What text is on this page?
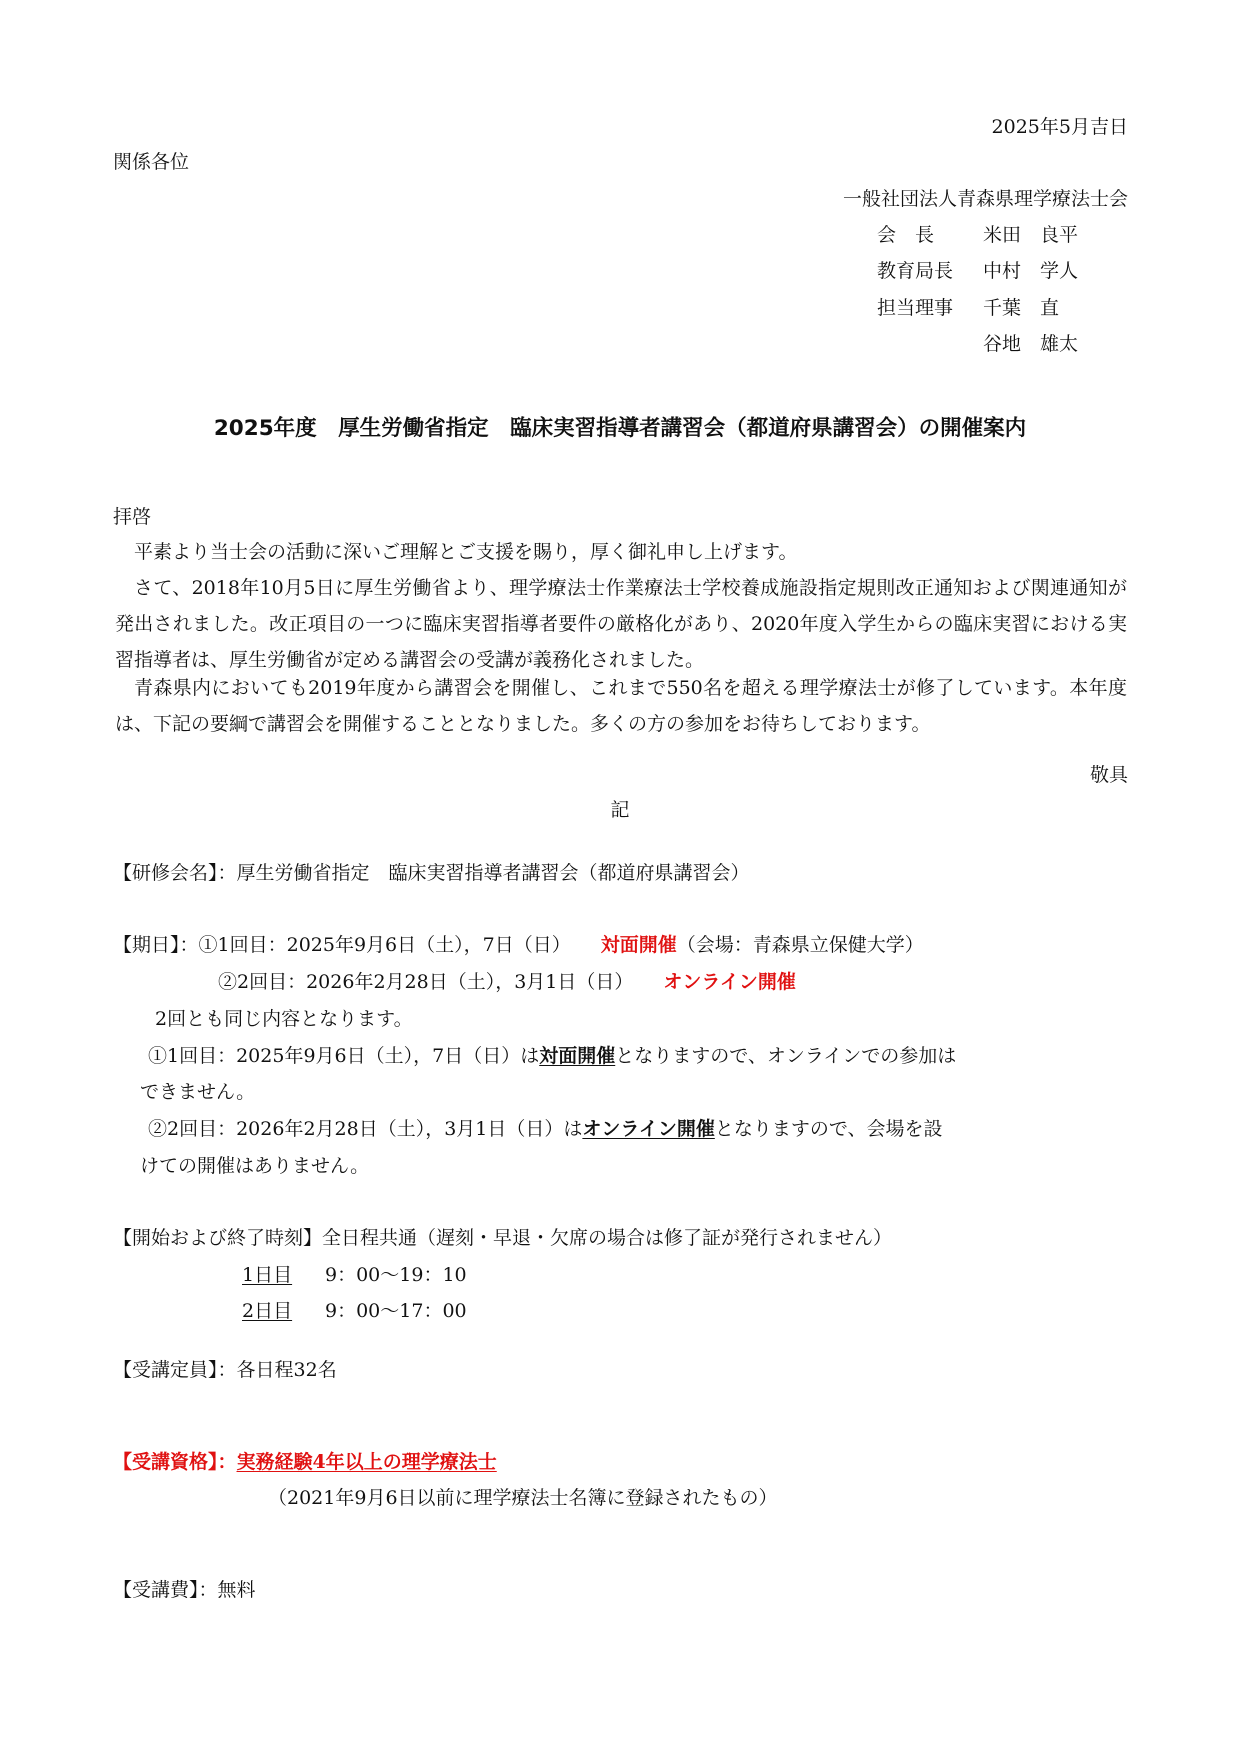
2025年5月吉日
関係各位
一般社団法人青森県理学療法士会
会　長	米田　良平
教育局長 中村　学人
担当理事 千葉　直
谷地　雄太
2025年度　厚生労働省指定　臨床実習指導者講習会（都道府県講習会）の開催案内
拝啓
平素より当士会の活動に深いご理解とご支援を賜り，厚く御礼申し上げます。
さて、2018年10月5日に厚生労働省より、理学療法士作業療法士学校養成施設指定規則改正通知および関連通知が発出されました。改正項目の一つに臨床実習指導者要件の厳格化があり、2020年度入学生からの臨床実習における実習指導者は、厚生労働省が定める講習会の受講が義務化されました。
青森県内においても2019年度から講習会を開催し、これまで550名を超える理学療法士が修了しています。本年度は、下記の要綱で講習会を開催することとなりました。多くの方の参加をお待ちしております。
敬具
記
【研修会名】：厚生労働省指定　臨床実習指導者講習会（都道府県講習会）
【期日】：①1回目：2025年9月6日（土），7日（日） 対面開催（会場：青森県立保健大学）
②2回目：2026年2月28日（土），3月1日（日） オンライン開催
2回とも同じ内容となります。
①1回目：2025年9月6日（土），7日（日）は対面開催となりますので、オンラインでの参加は
できません。
②2回目：2026年2月28日（土），3月1日（日）はオンライン開催となりますので、会場を設
けての開催はありません。
【開始および終了時刻】全日程共通（遅刻・早退・欠席の場合は修了証が発行されません）
1日目 9：00〜19：10
2日目 9：00〜17：00
【受講定員】：各日程32名
【受講資格】：実務経験4年以上の理学療法士
（2021年9月6日以前に理学療法士名簿に登録されたもの）
【受講費】：無料
